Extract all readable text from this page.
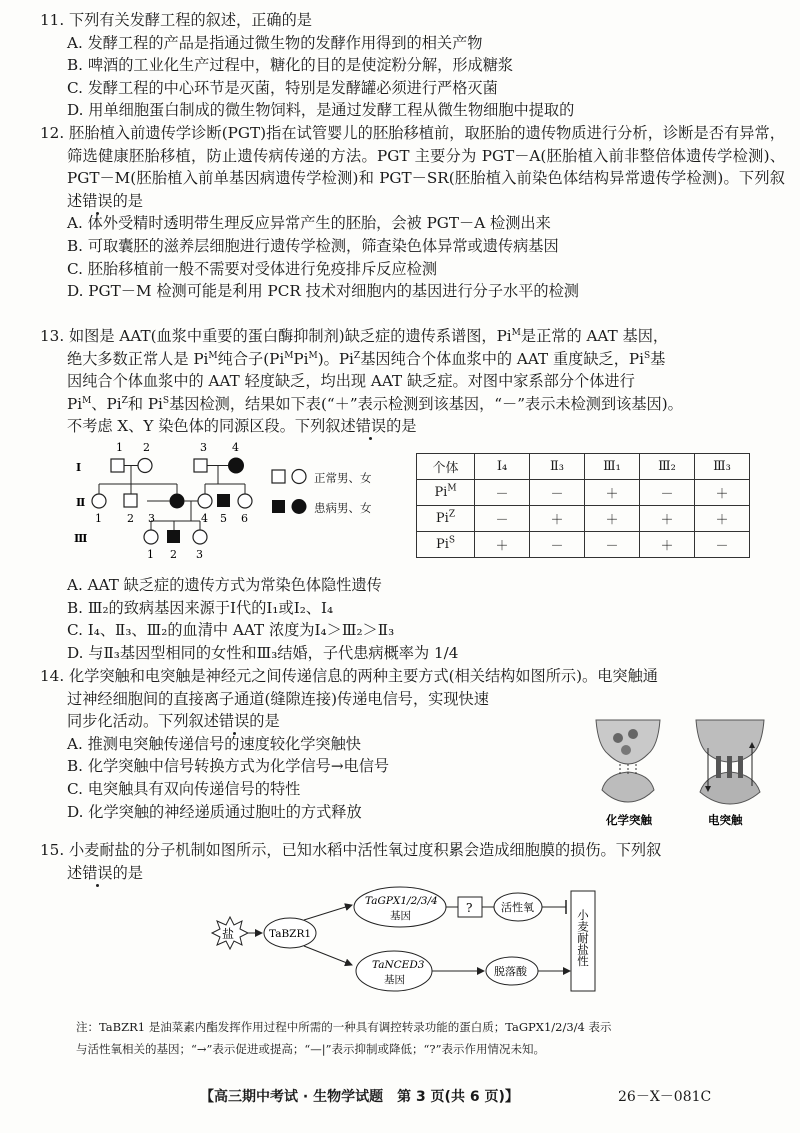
11. 下列有关发酵工程的叙述，正确的是
A. 发酵工程的产品是指通过微生物的发酵作用得到的相关产物
B. 啤酒的工业化生产过程中，糖化的目的是使淀粉分解，形成糖浆
C. 发酵工程的中心环节是灭菌，特别是发酵罐必须进行严格灭菌
D. 用单细胞蛋白制成的微生物饲料，是通过发酵工程从微生物细胞中提取的
12. 胚胎植入前遗传学诊断(PGT)指在试管婴儿的胚胎移植前，取胚胎的遗传物质进行分析，诊断是否有异常，筛选健康胚胎移植，防止遗传病传递的方法。PGT 主要分为 PGT－A(胚胎植入前非整倍体遗传学检测)、PGT－M(胚胎植入前单基因病遗传学检测)和 PGT－SR(胚胎植入前染色体结构异常遗传学检测)。下列叙述错误的是
A. 体外受精时透明带生理反应异常产生的胚胎，会被 PGT－A 检测出来
B. 可取囊胚的滋养层细胞进行遗传学检测，筛查染色体异常或遗传病基因
C. 胚胎移植前一般不需要对受体进行免疫排斥反应检测
D. PGT－M 检测可能是利用 PCR 技术对细胞内的基因进行分子水平的检测
13. 如图是 AAT(血浆中重要的蛋白酶抑制剂)缺乏症的遗传系谱图，$Pi^M$是正常的 AAT 基因，
绝大多数正常人是 $Pi^M$纯合子$(Pi^MPi^M)$。$Pi^Z$基因纯合个体血浆中的 AAT 重度缺乏，$Pi^S$基
因纯合个体血浆中的 AAT 轻度缺乏，均出现 AAT 缺乏症。对图中家系部分个体进行
$Pi^M$、$Pi^Z$和 $Pi^S$基因检测，结果如下表(“＋”表示检测到该基因，“－”表示未检测到该基因)。
不考虑 X、Y 染色体的同源区段。下列叙述错误的是
Ⅰ
Ⅱ
Ⅲ
1 2	3 4
1 2 3	4 5 6
1 2 3
正常男、女
患病男、女
个体	Ⅰ₄	Ⅱ₃	Ⅲ₁	Ⅲ₂	Ⅲ₃
$Pi^M$	－	－	＋	－	＋
$Pi^Z$	－	＋	＋	＋	＋
$Pi^S$	＋	－	－	＋	－
A. AAT 缺乏症的遗传方式为常染色体隐性遗传
B. Ⅲ₂的致病基因来源于Ⅰ代的Ⅰ₁或Ⅰ₂、Ⅰ₄
C. Ⅰ₄、Ⅱ₃、Ⅲ₂的血清中 AAT 浓度为Ⅰ₄＞Ⅲ₂＞Ⅱ₃
D. 与Ⅱ₃基因型相同的女性和Ⅲ₃结婚，子代患病概率为 1/4
14. 化学突触和电突触是神经元之间传递信息的两种主要方式(相关结构如图所示)。电突触通
过神经细胞间的直接离子通道(缝隙连接)传递电信号，实现快速
同步化活动。下列叙述错误的是
A. 推测电突触传递信号的速度较化学突触快
B. 化学突触中信号转换方式为化学信号→电信号
C. 电突触具有双向传递信号的特性
D. 化学突触的神经递质通过胞吐的方式释放	化学突触	电突触
15. 小麦耐盐的分子机制如图所示，已知水稻中活性氧过度积累会造成细胞膜的损伤。下列叙
述错误的是
盐	TaBZR1
TaGPX1/2/3/4
基因
?	活性氧
TaNCED3
基因
脱落酸
小麦耐盐性
注：TaBZR1 是油菜素内酯发挥作用过程中所需的一种具有调控转录功能的蛋白质；TaGPX1/2/3/4 表示
与活性氧相关的基因；“→”表示促进或提高；“—|”表示抑制或降低；“?”表示作用情况未知。
【高三期中考试 · 生物学试题　第 3 页(共 6 页)】	26－X－081C
